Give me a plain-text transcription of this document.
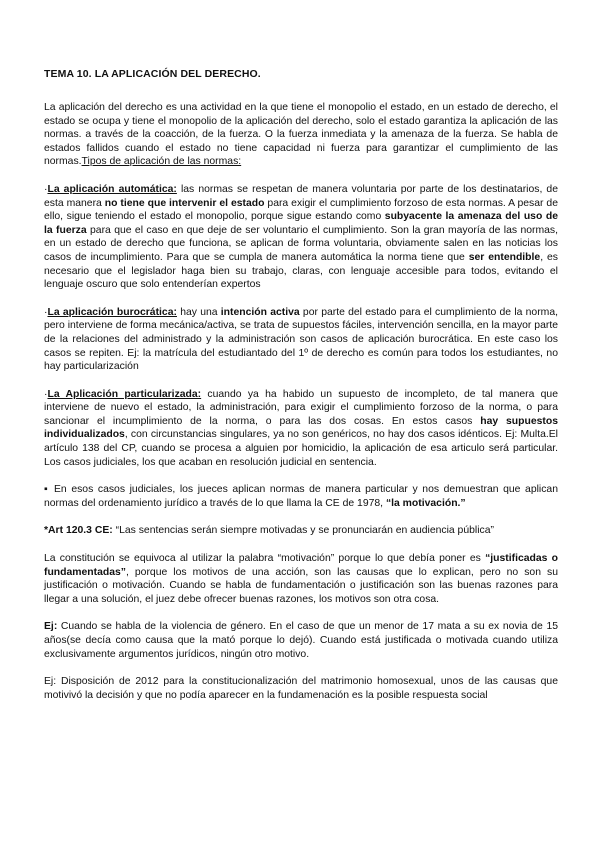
TEMA 10. LA APLICACIÓN DEL DERECHO.

La aplicación del derecho es una actividad en la que tiene el monopolio el estado, en un estado de derecho, el estado se ocupa y tiene el monopolio de la aplicación del derecho, solo el estado garantiza la aplicación de las normas. a través de la coacción, de la fuerza. O la fuerza inmediata y la amenaza de la fuerza. Se habla de estados fallidos cuando el estado no tiene capacidad ni fuerza para garantizar el cumplimiento de las normas.Tipos de aplicación de las normas:

·La aplicación automática: las normas se respetan de manera voluntaria por parte de los destinatarios, de esta manera no tiene que intervenir el estado para exigir el cumplimiento forzoso de esta normas. A pesar de ello, sigue teniendo el estado el monopolio, porque sigue estando como subyacente la amenaza del uso de la fuerza para que el caso en que deje de ser voluntario el cumplimiento. Son la gran mayoría de las normas, en un estado de derecho que funciona, se aplican de forma voluntaria, obviamente salen en las noticias los casos de incumplimiento. Para que se cumpla de manera automática la norma tiene que ser entendible, es necesario que el legislador haga bien su trabajo, claras, con lenguaje accesible para todos, evitando el lenguaje oscuro que solo entenderían expertos

·La aplicación burocrática: hay una intención activa por parte del estado para el cumplimiento de la norma, pero interviene de forma mecánica/activa, se trata de supuestos fáciles, intervención sencilla, en la mayor parte de la relaciones del administrado y la administración son casos de aplicación burocrática. En este caso los casos se repiten. Ej: la matrícula del estudiantado del 1º de derecho es común para todos los estudiantes, no hay particularización

·La Aplicación particularizada: cuando ya ha habido un supuesto de incompleto, de tal manera que interviene de nuevo el estado, la administración, para exigir el cumplimiento forzoso de la norma, o para sancionar el incumplimiento de la norma, o para las dos cosas. En estos casos hay supuestos individualizados, con circunstancias singulares, ya no son genéricos, no hay dos casos idénticos. Ej: Multa.El artículo 138 del CP, cuando se procesa a alguien por homicidio, la aplicación de esa articulo será particular. Los casos judiciales, los que acaban en resolución judicial en sentencia.

▪ En esos casos judiciales, los jueces aplican normas de manera particular y nos demuestran que aplican normas del ordenamiento jurídico a través de lo que llama la CE de 1978, “la motivación.”

*Art 120.3 CE: “Las sentencias serán siempre motivadas y se pronunciarán en audiencia pública”

La constitución se equivoca al utilizar la palabra “motivación” porque lo que debía poner es “justificadas o fundamentadas”, porque los motivos de una acción, son las causas que lo explican, pero no son su justificación o motivación. Cuando se habla de fundamentación o justificación son las buenas razones para llegar a una solución, el juez debe ofrecer buenas razones, los motivos son otra cosa.

Ej: Cuando se habla de la violencia de género. En el caso de que un menor de 17 mata a su ex novia de 15 años(se decía como causa que la mató porque lo dejó). Cuando está justificada o motivada cuando utiliza exclusivamente argumentos jurídicos, ningún otro motivo.

Ej: Disposición de 2012 para la constitucionalización del matrimonio homosexual, unos de las causas que motivivó la decisión y que no podía aparecer en la fundamenación es la posible respuesta social
